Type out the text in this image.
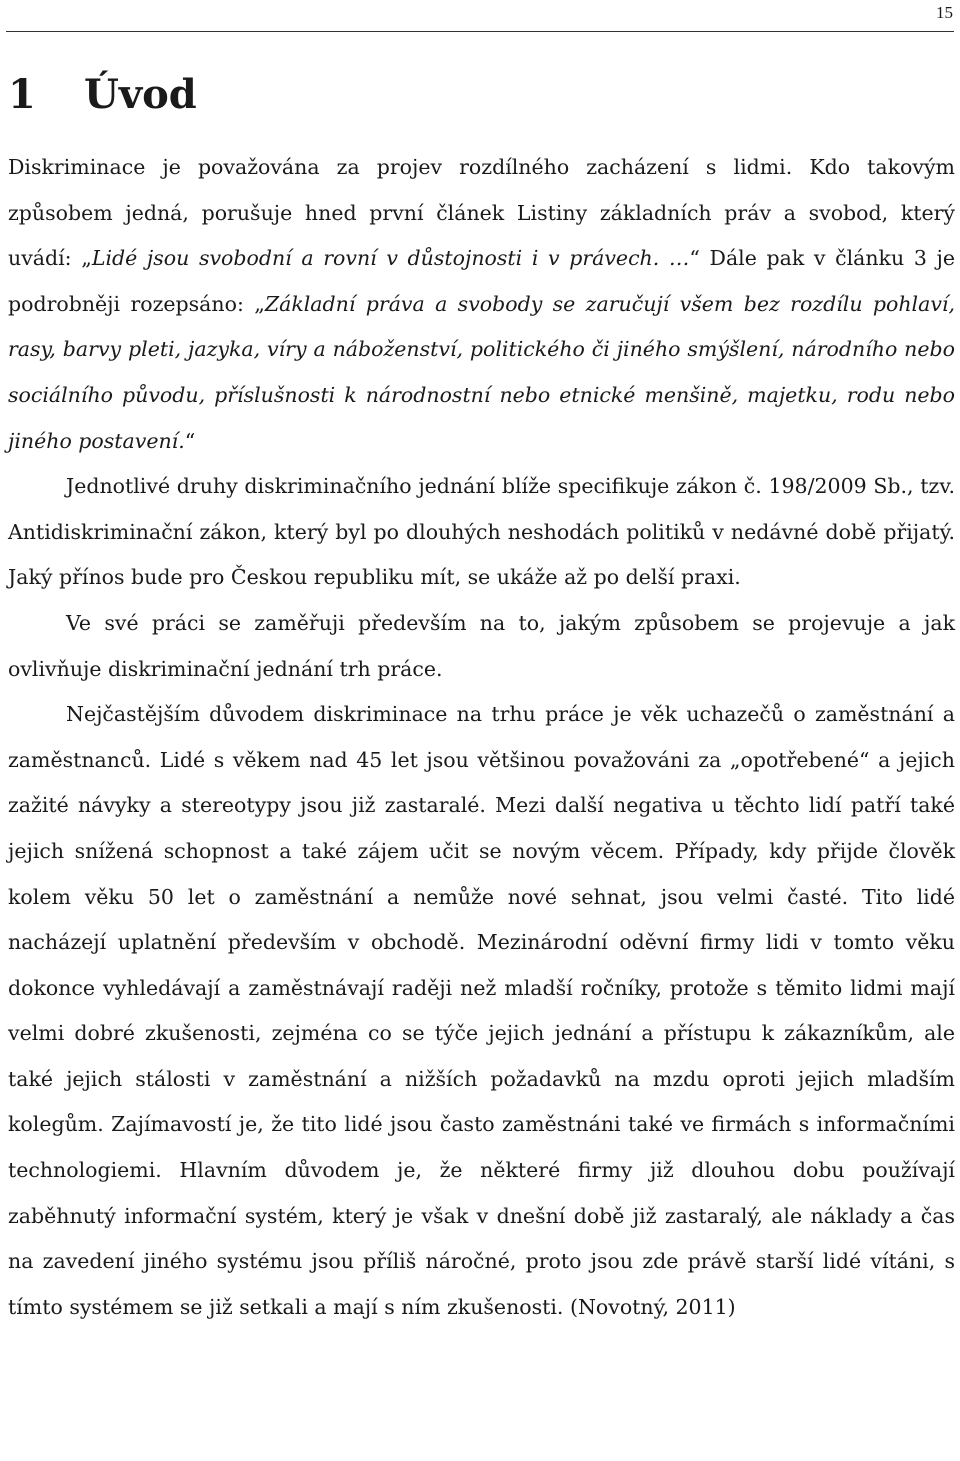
15
1 Úvod

Diskriminace je považována za projev rozdílného zacházení s lidmi. Kdo takovým způsobem jedná, porušuje hned první článek Listiny základních práv a svobod, který uvádí: „Lidé jsou svobodní a rovní v důstojnosti i v právech. …“ Dále pak v článku 3 je podrobněji rozepsáno: „Základní práva a svobody se zaručují všem bez rozdílu pohlaví, rasy, barvy pleti, jazyka, víry a náboženství, politického či jiného smýšlení, národního nebo sociálního původu, příslušnosti k národnostní nebo etnické menšině, majetku, rodu nebo jiného postavení.“

Jednotlivé druhy diskriminačního jednání blíže specifikuje zákon č. 198/2009 Sb., tzv. Antidiskriminační zákon, který byl po dlouhých neshodách politiků v nedávné době přijatý. Jaký přínos bude pro Českou republiku mít, se ukáže až po delší praxi.

Ve své práci se zaměřuji především na to, jakým způsobem se projevuje a jak ovlivňuje diskriminační jednání trh práce.

Nejčastějším důvodem diskriminace na trhu práce je věk uchazečů o zaměstnání a zaměstnanců. Lidé s věkem nad 45 let jsou většinou považováni za „opotřebené“ a jejich zažité návyky a stereotypy jsou již zastaralé. Mezi další negativa u těchto lidí patří také jejich snížená schopnost a také zájem učit se novým věcem. Případy, kdy přijde člověk kolem věku 50 let o zaměstnání a nemůže nové sehnat, jsou velmi časté. Tito lidé nacházejí uplatnění především v obchodě. Mezinárodní oděvní firmy lidi v tomto věku dokonce vyhledávají a zaměstnávají raději než mladší ročníky, protože s těmito lidmi mají velmi dobré zkušenosti, zejména co se týče jejich jednání a přístupu k zákazníkům, ale také jejich stálosti v zaměstnání a nižších požadavků na mzdu oproti jejich mladším kolegům. Zajímavostí je, že tito lidé jsou často zaměstnáni také ve firmách s informačními technologiemi. Hlavním důvodem je, že některé firmy již dlouhou dobu používají zaběhnutý informační systém, který je však v dnešní době již zastaralý, ale náklady a čas na zavedení jiného systému jsou příliš náročné, proto jsou zde právě starší lidé vítáni, s tímto systémem se již setkali a mají s ním zkušenosti. (Novotný, 2011)
